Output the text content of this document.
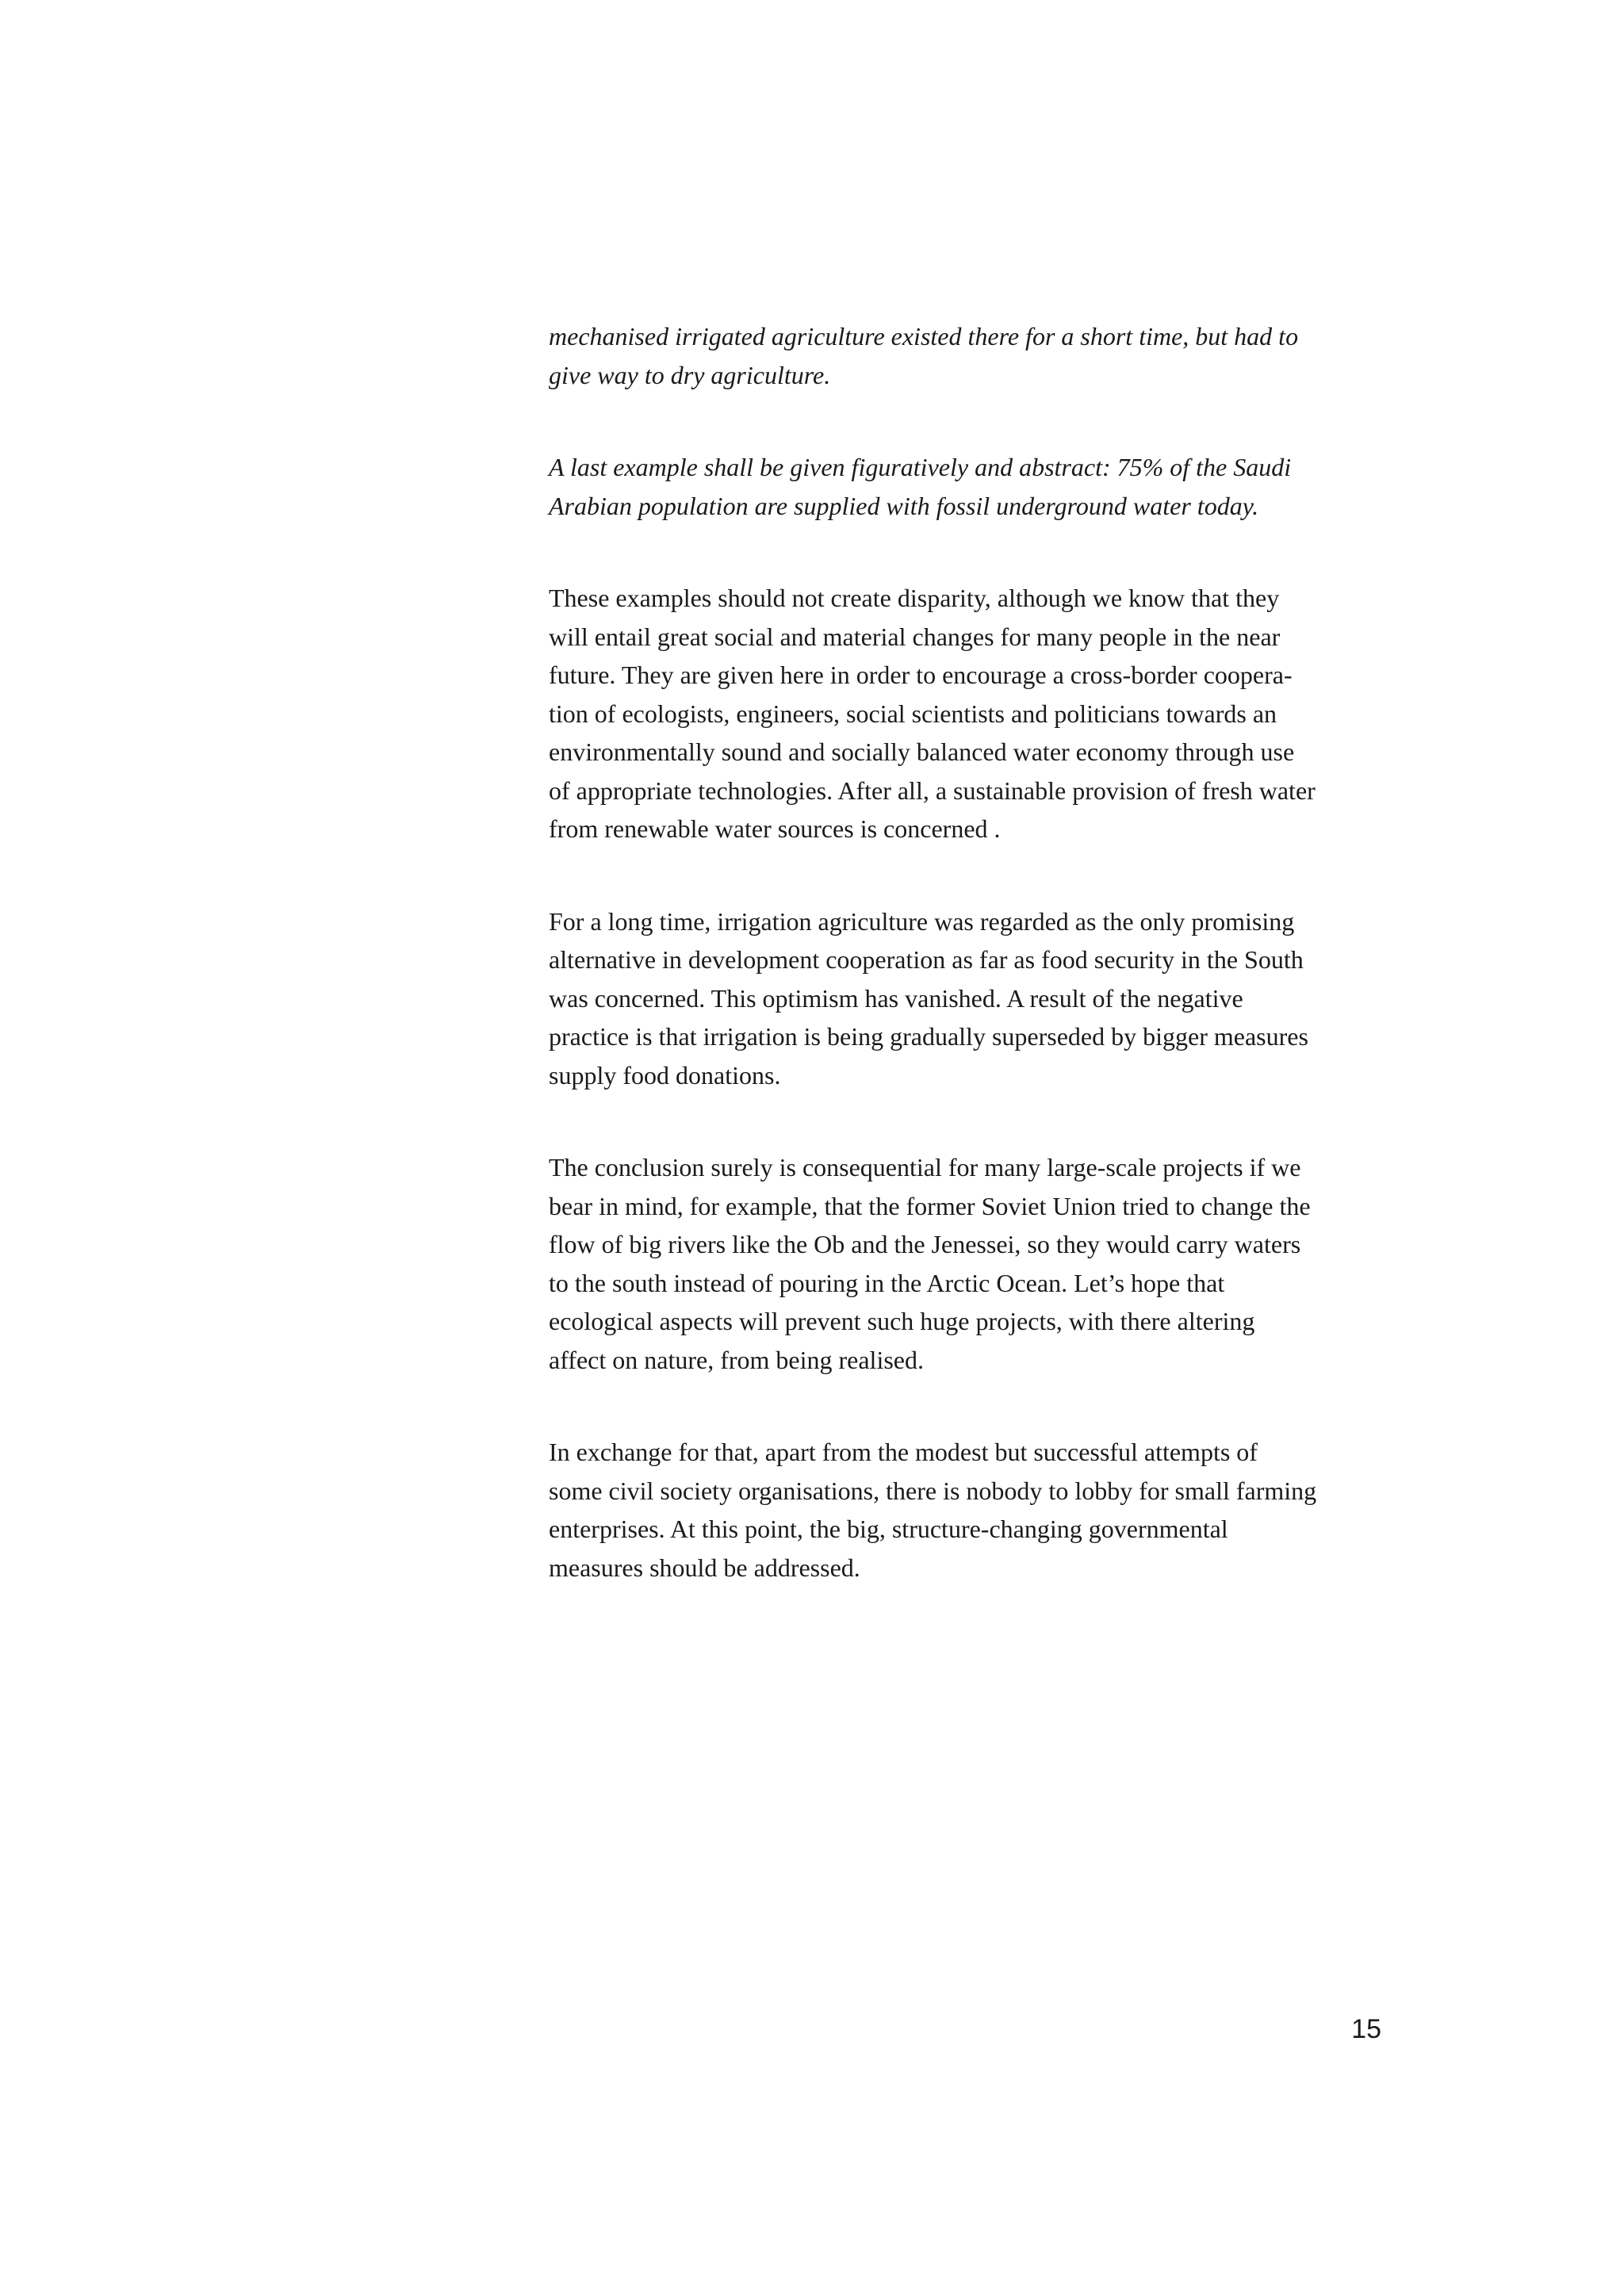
mechanised irrigated agriculture existed there for a short time, but had to
give way to dry agriculture.

A last example shall be given figuratively and abstract: 75% of the Saudi
Arabian population are supplied with fossil underground water today.

These examples should not create disparity, although we know that they
will entail great social and material changes for many people in the near
future. They are given here in order to encourage a cross-border coopera-
tion of ecologists, engineers, social scientists and politicians towards an
environmentally sound and socially balanced water economy through use
of appropriate technologies. After all, a sustainable provision of fresh water
from renewable water sources is concerned .

For a long time, irrigation agriculture was regarded as the only promising
alternative in development cooperation as far as food security in the South
was concerned. This optimism has vanished. A result of the negative
practice is that irrigation is being gradually superseded by bigger measures
supply food donations.

The conclusion surely is consequential for many large-scale projects if we
bear in mind, for example, that the former Soviet Union tried to change the
flow of big rivers like the Ob and the Jenessei, so they would carry waters
to the south instead of pouring in the Arctic Ocean. Let’s hope that
ecological aspects will prevent such huge projects, with there altering
affect on nature, from being realised.

In exchange for that, apart from the modest but successful attempts of
some civil society organisations, there is nobody to lobby for small farming
enterprises. At this point, the big, structure-changing governmental
measures should be addressed.

15
